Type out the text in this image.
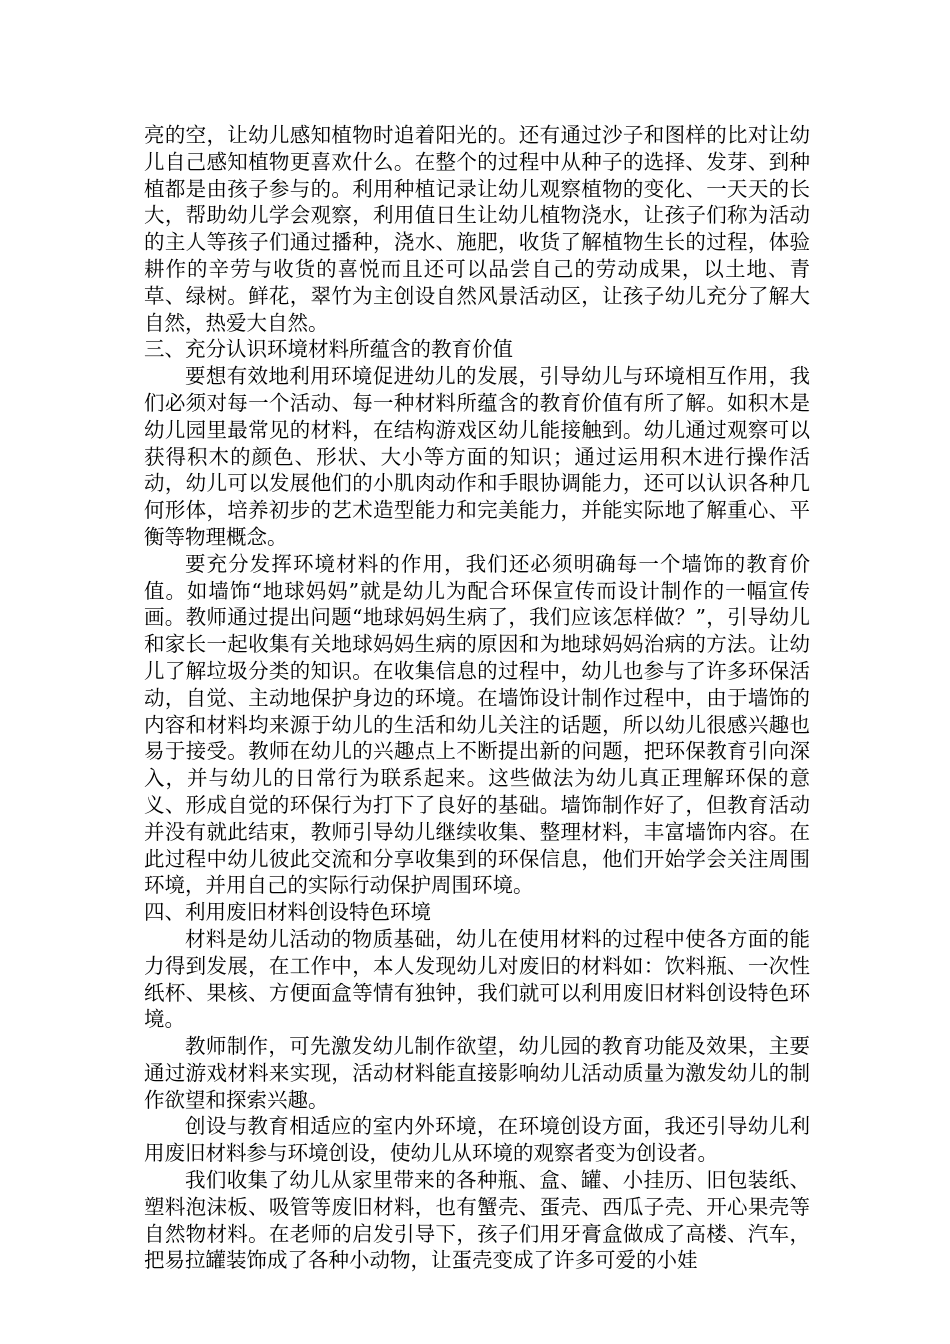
亮的空，让幼儿感知植物时追着阳光的。还有通过沙子和图样的比对让幼儿自己感知植物更喜欢什么。在整个的过程中从种子的选择、发芽、到种植都是由孩子参与的。利用种植记录让幼儿观察植物的变化、一天天的长大，帮助幼儿学会观察，利用值日生让幼儿植物浇水，让孩子们称为活动的主人等孩子们通过播种，浇水、施肥，收货了解植物生长的过程，体验耕作的辛劳与收货的喜悦而且还可以品尝自己的劳动成果，以土地、青草、绿树。鲜花，翠竹为主创设自然风景活动区，让孩子幼儿充分了解大自然，热爱大自然。

三、充分认识环境材料所蕴含的教育价值

要想有效地利用环境促进幼儿的发展，引导幼儿与环境相互作用，我们必须对每一个活动、每一种材料所蕴含的教育价值有所了解。如积木是幼儿园里最常见的材料，在结构游戏区幼儿能接触到。幼儿通过观察可以获得积木的颜色、形状、大小等方面的知识；通过运用积木进行操作活动，幼儿可以发展他们的小肌肉动作和手眼协调能力，还可以认识各种几何形体，培养初步的艺术造型能力和完美能力，并能实际地了解重心、平衡等物理概念。

要充分发挥环境材料的作用，我们还必须明确每一个墙饰的教育价值。如墙饰“地球妈妈”就是幼儿为配合环保宣传而设计制作的一幅宣传画。教师通过提出问题“地球妈妈生病了，我们应该怎样做？”，引导幼儿和家长一起收集有关地球妈妈生病的原因和为地球妈妈治病的方法。让幼儿了解垃圾分类的知识。在收集信息的过程中，幼儿也参与了许多环保活动，自觉、主动地保护身边的环境。在墙饰设计制作过程中，由于墙饰的内容和材料均来源于幼儿的生活和幼儿关注的话题，所以幼儿很感兴趣也易于接受。教师在幼儿的兴趣点上不断提出新的问题，把环保教育引向深入，并与幼儿的日常行为联系起来。这些做法为幼儿真正理解环保的意义、形成自觉的环保行为打下了良好的基础。墙饰制作好了，但教育活动并没有就此结束，教师引导幼儿继续收集、整理材料，丰富墙饰内容。在此过程中幼儿彼此交流和分享收集到的环保信息，他们开始学会关注周围环境，并用自己的实际行动保护周围环境。

四、利用废旧材料创设特色环境

材料是幼儿活动的物质基础，幼儿在使用材料的过程中使各方面的能力得到发展，在工作中，本人发现幼儿对废旧的材料如：饮料瓶、一次性纸杯、果核、方便面盒等情有独钟，我们就可以利用废旧材料创设特色环境。

教师制作，可先激发幼儿制作欲望，幼儿园的教育功能及效果，主要通过游戏材料来实现，活动材料能直接影响幼儿活动质量为激发幼儿的制作欲望和探索兴趣。

创设与教育相适应的室内外环境，在环境创设方面，我还引导幼儿利用废旧材料参与环境创设，使幼儿从环境的观察者变为创设者。

我们收集了幼儿从家里带来的各种瓶、盒、罐、小挂历、旧包装纸、塑料泡沫板、吸管等废旧材料，也有蟹壳、蛋壳、西瓜子壳、开心果壳等自然物材料。在老师的启发引导下，孩子们用牙膏盒做成了高楼、汽车，把易拉罐装饰成了各种小动物，让蛋壳变成了许多可爱的小娃
